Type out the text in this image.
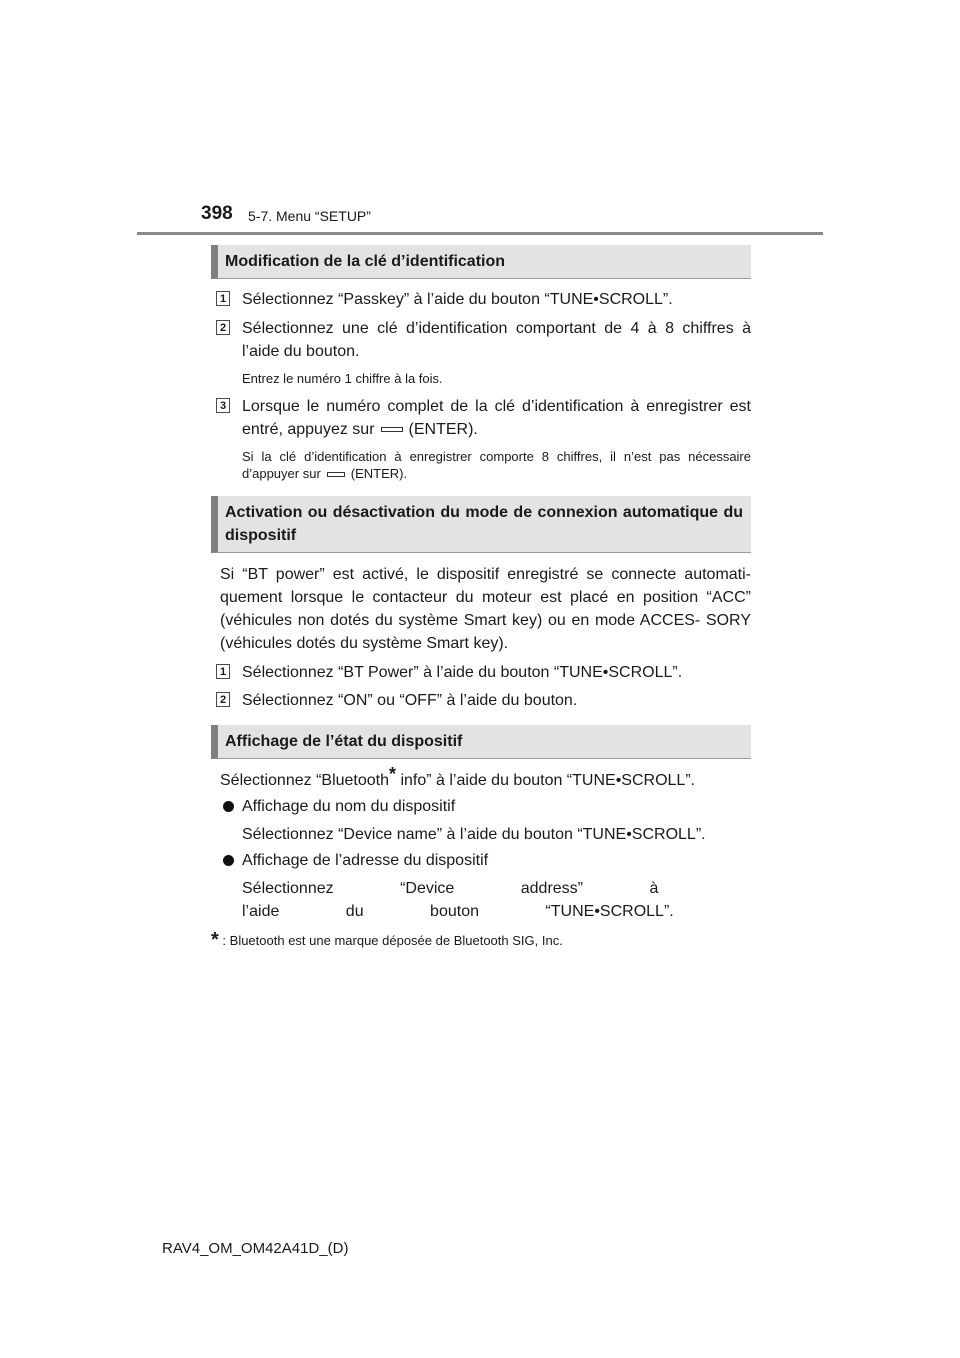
398 5-7. Menu “SETUP”
Modification de la clé d’identification
1 Sélectionnez “Passkey” à l’aide du bouton “TUNE•SCROLL”.
2 Sélectionnez une clé d’identification comportant de 4 à 8 chiffres à l’aide du bouton.
Entrez le numéro 1 chiffre à la fois.
3 Lorsque le numéro complet de la clé d’identification à enregistrer est entré, appuyez sur (ENTER).
Si la clé d’identification à enregistrer comporte 8 chiffres, il n’est pas nécessaire d’appuyer sur (ENTER).
Activation ou désactivation du mode de connexion automatique du dispositif
Si “BT power” est activé, le dispositif enregistré se connecte automati- quement lorsque le contacteur du moteur est placé en position “ACC” (véhicules non dotés du système Smart key) ou en mode ACCES- SORY (véhicules dotés du système Smart key).
1 Sélectionnez “BT Power” à l’aide du bouton “TUNE•SCROLL”.
2 Sélectionnez “ON” ou “OFF” à l’aide du bouton.
Affichage de l’état du dispositif
Sélectionnez “Bluetooth* info” à l’aide du bouton “TUNE•SCROLL”.
Affichage du nom du dispositif
Sélectionnez “Device name” à l’aide du bouton “TUNE•SCROLL”.
Affichage de l’adresse du dispositif
Sélectionnez “Device address” à l’aide du bouton “TUNE•SCROLL”.
* : Bluetooth est une marque déposée de Bluetooth SIG, Inc.
RAV4_OM_OM42A41D_(D)
